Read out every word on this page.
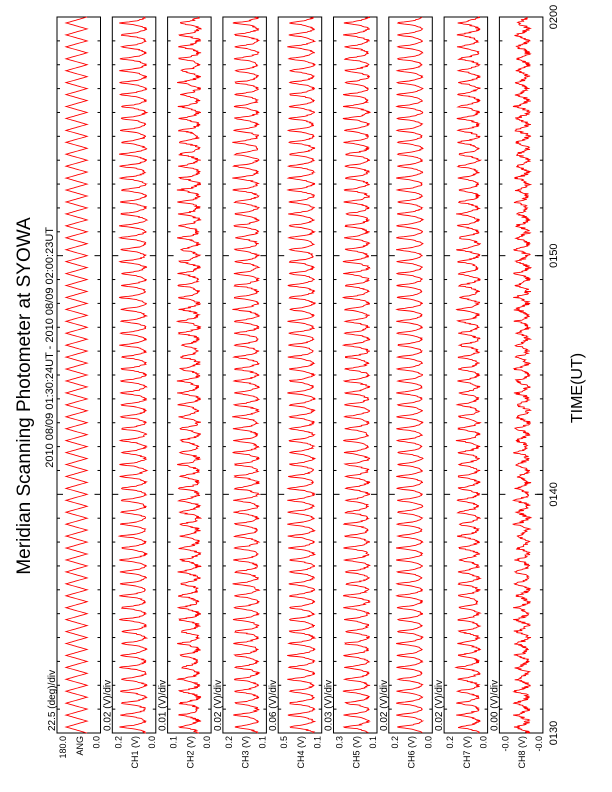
Meridian Scanning Photometer at SYOWA 2010 08/09 01:30:24UT - 2010 08/09 02:00:23UT	TIME(UT)
180.0	0.0
ANG
22.5 (deg)/div
0.2	0.0
CH1 (V)
0.02 (V)/div
0.1	0.0
CH2 (V)
0.01 (V)/div
0.2	0.1
CH3 (V)
0.02 (V)/div
0.5	0.1
CH4 (V)
0.06 (V)/div
0.3	0.1
CH5 (V)
0.03 (V)/div
0.2	0.0
CH6 (V)
0.02 (V)/div
0.2	0.0
CH7 (V)
0.02 (V)/div
-0.0	-0.0
CH8 (V)
0.00 (V)/div
0130
0140
0150
0200
